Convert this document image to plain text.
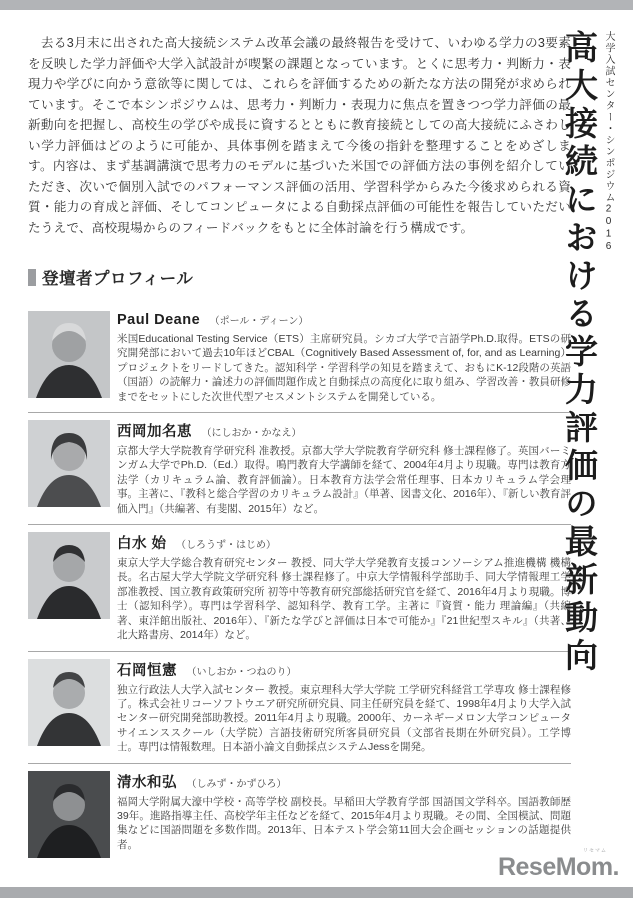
　去る3月末に出された高大接続システム改革会議の最終報告を受けて、いわゆる学力の3要素を反映した学力評価や大学入試設計が喫緊の課題となっています。とくに思考力・判断力・表現力や学びに向かう意欲等に関しては、これらを評価するための新たな方法の開発が求められています。そこで本シンポジウムは、思考力・判断力・表現力に焦点を置きつつ学力評価の最新動向を把握し、高校生の学びや成長に資するとともに教育接続としての高大接続にふさわしい学力評価はどのように可能か、具体事例を踏まえて今後の指針を整理することをめざします。内容は、まず基調講演で思考力のモデルに基づいた米国での評価方法の事例を紹介していただき、次いで個別入試でのパフォーマンス評価の活用、学習科学からみた今後求められる資質・能力の育成と評価、そしてコンピュータによる自動採点評価の可能性を報告していただいたうえで、高校現場からのフィードバックをもとに全体討論を行う構成です。

登壇者プロフィール
Paul Deane （ポール・ディーン）
米国Educational Testing Service（ETS）主席研究員。シカゴ大学で言語学Ph.D.取得。ETSの研究開発部において過去10年ほどCBAL（Cognitively Based Assessment of, for, and as Learning）プロジェクトをリードしてきた。認知科学・学習科学の知見を踏まえて、おもにK-12段階の英語（国語）の読解力・論述力の評価問題作成と自動採点の高度化に取り組み、学習改善・教員研修までをセットにした次世代型アセスメントシステムを開発している。
西岡加名恵 （にしおか・かなえ）
京都大学大学院教育学研究科 准教授。京都大学大学院教育学研究科 修士課程修了。英国バーミンガム大学でPh.D.（Ed.）取得。鳴門教育大学講師を経て、2004年4月より現職。専門は教育方法学（カリキュラム論、教育評価論）。日本教育方法学会常任理事、日本カリキュラム学会理事。主著に、『教科と総合学習のカリキュラム設計』（単著、図書文化、2016年）、『新しい教育評価入門』（共編著、有斐閣、2015年）など。
白水 始 （しろうず・はじめ）
東京大学大学総合教育研究センター 教授、同大学大学発教育支援コンソーシアム推進機構 機構長。名古屋大学大学院文学研究科 修士課程修了。中京大学情報科学部助手、同大学情報理工学部准教授、国立教育政策研究所 初等中等教育研究部総括研究官を経て、2016年4月より現職。博士（認知科学）。専門は学習科学、認知科学、教育工学。主著に『資質・能力 理論編』（共編著、東洋館出版社、2016年）、『新たな学びと評価は日本で可能か』『21世紀型スキル』（共著、北大路書房、2014年）など。
石岡恒憲 （いしおか・つねのり）
独立行政法人大学入試センター 教授。東京理科大学大学院 工学研究科経営工学専攻 修士課程修了。株式会社リコーソフトウエア研究所研究員、同主任研究員を経て、1998年4月より大学入試センター研究開発部助教授。2011年4月より現職。2000年、カーネギーメロン大学コンピュータサイエンススクール（大学院）言語技術研究所客員研究員（文部省長期在外研究員）。工学博士。専門は情報数理。日本語小論文自動採点システムJessを開発。
清水和弘 （しみず・かずひろ）
福岡大学附属大濠中学校・高等学校 副校長。早稲田大学教育学部 国語国文学科卒。国語教師歴39年。進路指導主任、高校学年主任などを経て、2015年4月より現職。その間、全国模試、問題集などに国語問題を多数作問。2013年、日本テスト学会第11回大会企画セッションの話題提供者。
大学入試センター・シンポジウム2016
高大接続における学力評価の最新動向
リセマム
ReseMom.
